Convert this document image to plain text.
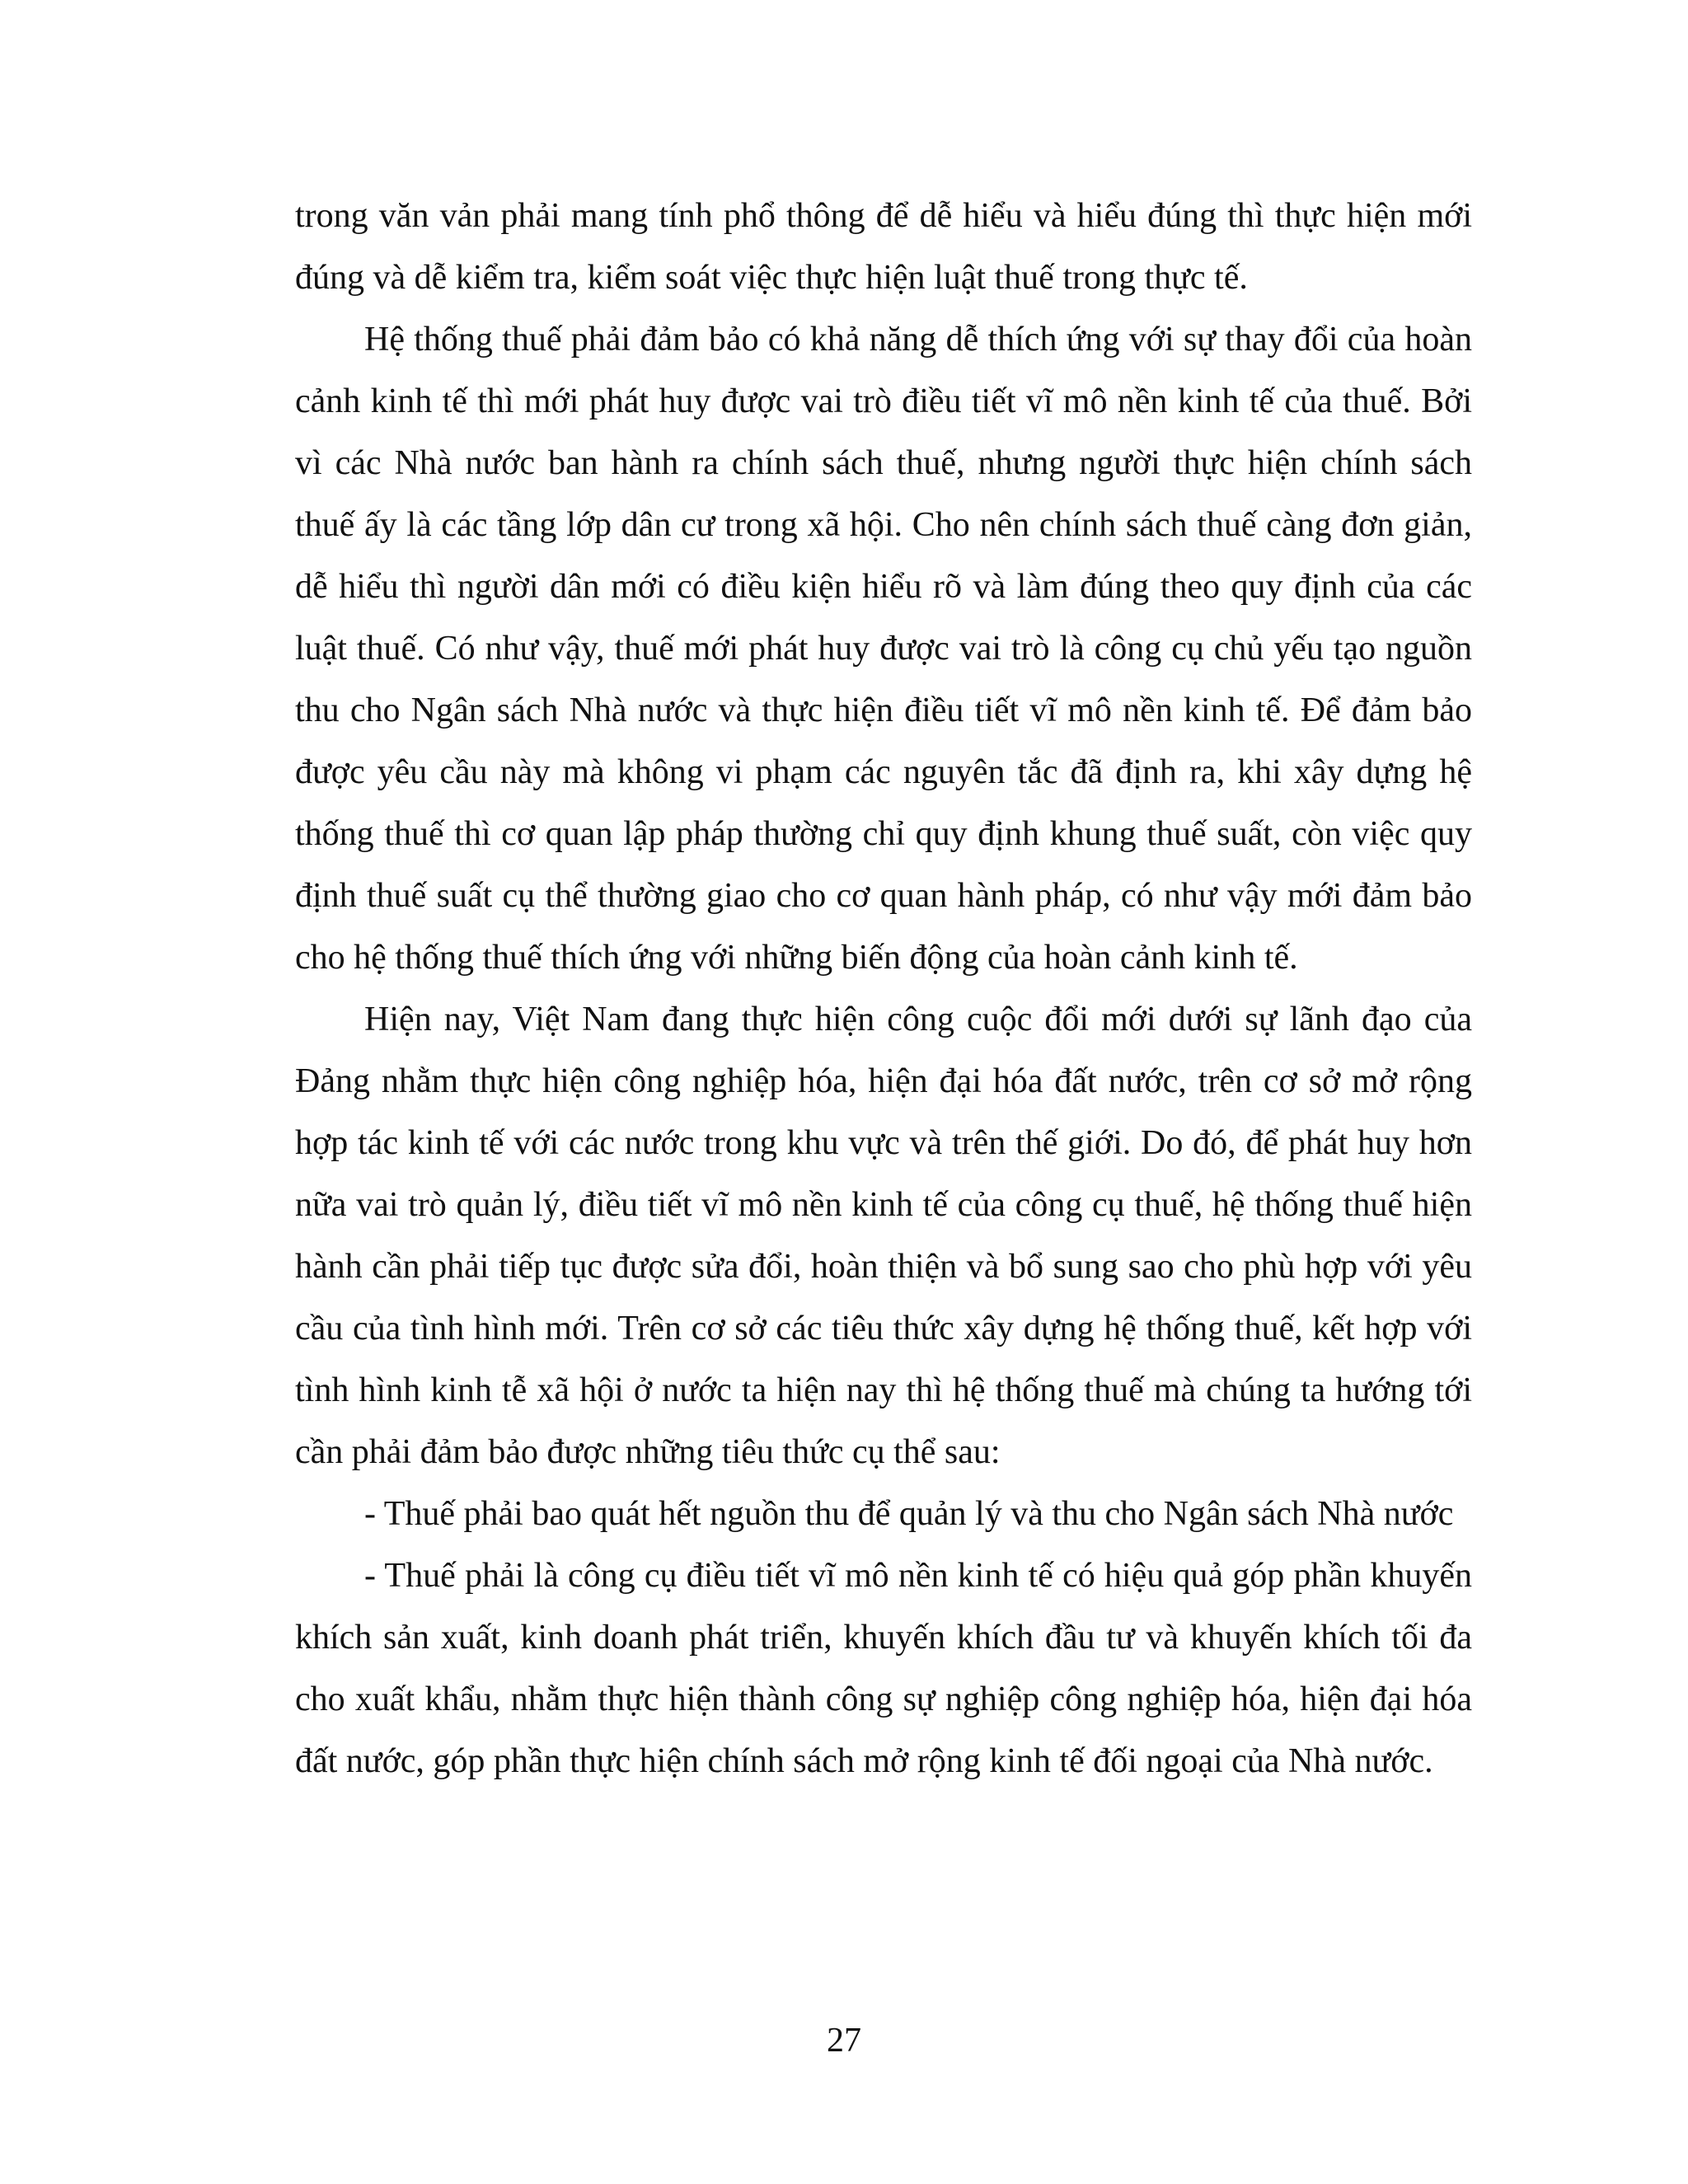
trong văn vản phải mang tính phổ thông để dễ hiểu và hiểu đúng thì thực hiện mới đúng và dễ kiểm tra, kiểm soát việc thực hiện luật thuế trong thực tế.

Hệ thống thuế phải đảm bảo có khả năng dễ thích ứng với sự thay đổi của hoàn cảnh kinh tế thì mới phát huy được vai trò điều tiết vĩ mô nền kinh tế của thuế. Bởi vì các Nhà nước ban hành ra chính sách thuế, nhưng người thực hiện chính sách thuế ấy là các tầng lớp dân cư trong xã hội. Cho nên chính sách thuế càng đơn giản, dễ hiểu thì người dân mới có điều kiện hiểu rõ và làm đúng theo quy định của các luật thuế. Có như vậy, thuế mới phát huy được vai trò là công cụ chủ yếu tạo nguồn thu cho Ngân sách Nhà nước và thực hiện điều tiết vĩ mô nền kinh tế. Để đảm bảo được yêu cầu này mà không vi phạm các nguyên tắc đã định ra, khi xây dựng hệ thống thuế thì cơ quan lập pháp thường chỉ quy định khung thuế suất, còn việc quy định thuế suất cụ thể thường giao cho cơ quan hành pháp, có như vậy mới đảm bảo cho hệ thống thuế thích ứng với những biến động của hoàn cảnh kinh tế.

Hiện nay, Việt Nam đang thực hiện công cuộc đổi mới dưới sự lãnh đạo của Đảng nhằm thực hiện công nghiệp hóa, hiện đại hóa đất nước, trên cơ sở mở rộng hợp tác kinh tế với các nước trong khu vực và trên thế giới. Do đó, để phát huy hơn nữa vai trò quản lý, điều tiết vĩ mô nền kinh tế của công cụ thuế, hệ thống thuế hiện hành cần phải tiếp tục được sửa đổi, hoàn thiện và bổ sung sao cho phù hợp với yêu cầu của tình hình mới. Trên cơ sở các tiêu thức xây dựng hệ thống thuế, kết hợp với tình hình kinh tễ xã hội ở nước ta hiện nay thì hệ thống thuế mà chúng ta hướng tới cần phải đảm bảo được những tiêu thức cụ thể sau:

- Thuế phải bao quát hết nguồn thu để quản lý và thu cho Ngân sách Nhà nước

- Thuế phải là công cụ điều tiết vĩ mô nền kinh tế có hiệu quả góp phần khuyến khích sản xuất, kinh doanh phát triển, khuyến khích đầu tư và khuyến khích tối đa cho xuất khẩu, nhằm thực hiện thành công sự nghiệp công nghiệp hóa, hiện đại hóa đất nước, góp phần thực hiện chính sách mở rộng kinh tế đối ngoại của Nhà nước.

27
